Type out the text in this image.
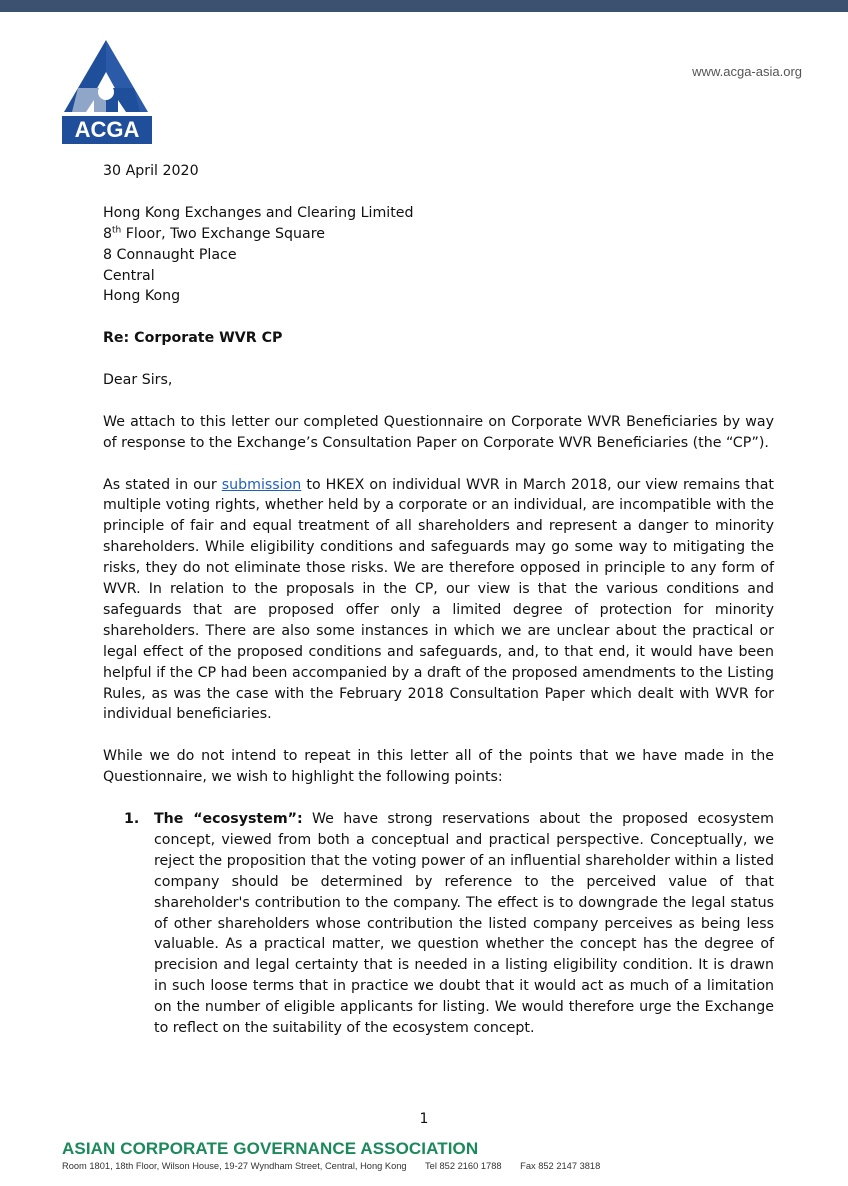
ACGA
www.acga-asia.org

30 April 2020

Hong Kong Exchanges and Clearing Limited
8th Floor, Two Exchange Square
8 Connaught Place
Central
Hong Kong

Re: Corporate WVR CP

Dear Sirs,

We attach to this letter our completed Questionnaire on Corporate WVR Beneficiaries by way of response to the Exchange’s Consultation Paper on Corporate WVR Beneficiaries (the “CP”).

As stated in our submission to HKEX on individual WVR in March 2018, our view remains that multiple voting rights, whether held by a corporate or an individual, are incompatible with the principle of fair and equal treatment of all shareholders and represent a danger to minority shareholders. While eligibility conditions and safeguards may go some way to mitigating the risks, they do not eliminate those risks. We are therefore opposed in principle to any form of WVR. In relation to the proposals in the CP, our view is that the various conditions and safeguards that are proposed offer only a limited degree of protection for minority shareholders. There are also some instances in which we are unclear about the practical or legal effect of the proposed conditions and safeguards, and, to that end, it would have been helpful if the CP had been accompanied by a draft of the proposed amendments to the Listing Rules, as was the case with the February 2018 Consultation Paper which dealt with WVR for individual beneficiaries.

While we do not intend to repeat in this letter all of the points that we have made in the Questionnaire, we wish to highlight the following points:

1. The “ecosystem”: We have strong reservations about the proposed ecosystem concept, viewed from both a conceptual and practical perspective. Conceptually, we reject the proposition that the voting power of an influential shareholder within a listed company should be determined by reference to the perceived value of that shareholder's contribution to the company. The effect is to downgrade the legal status of other shareholders whose contribution the listed company perceives as being less valuable. As a practical matter, we question whether the concept has the degree of precision and legal certainty that is needed in a listing eligibility condition. It is drawn in such loose terms that in practice we doubt that it would act as much of a limitation on the number of eligible applicants for listing. We would therefore urge the Exchange to reflect on the suitability of the ecosystem concept.
1
ASIAN CORPORATE GOVERNANCE ASSOCIATION
Room 1801, 18th Floor, Wilson House, 19-27 Wyndham Street, Central, Hong Kong Tel 852 2160 1788 Fax 852 2147 3818
